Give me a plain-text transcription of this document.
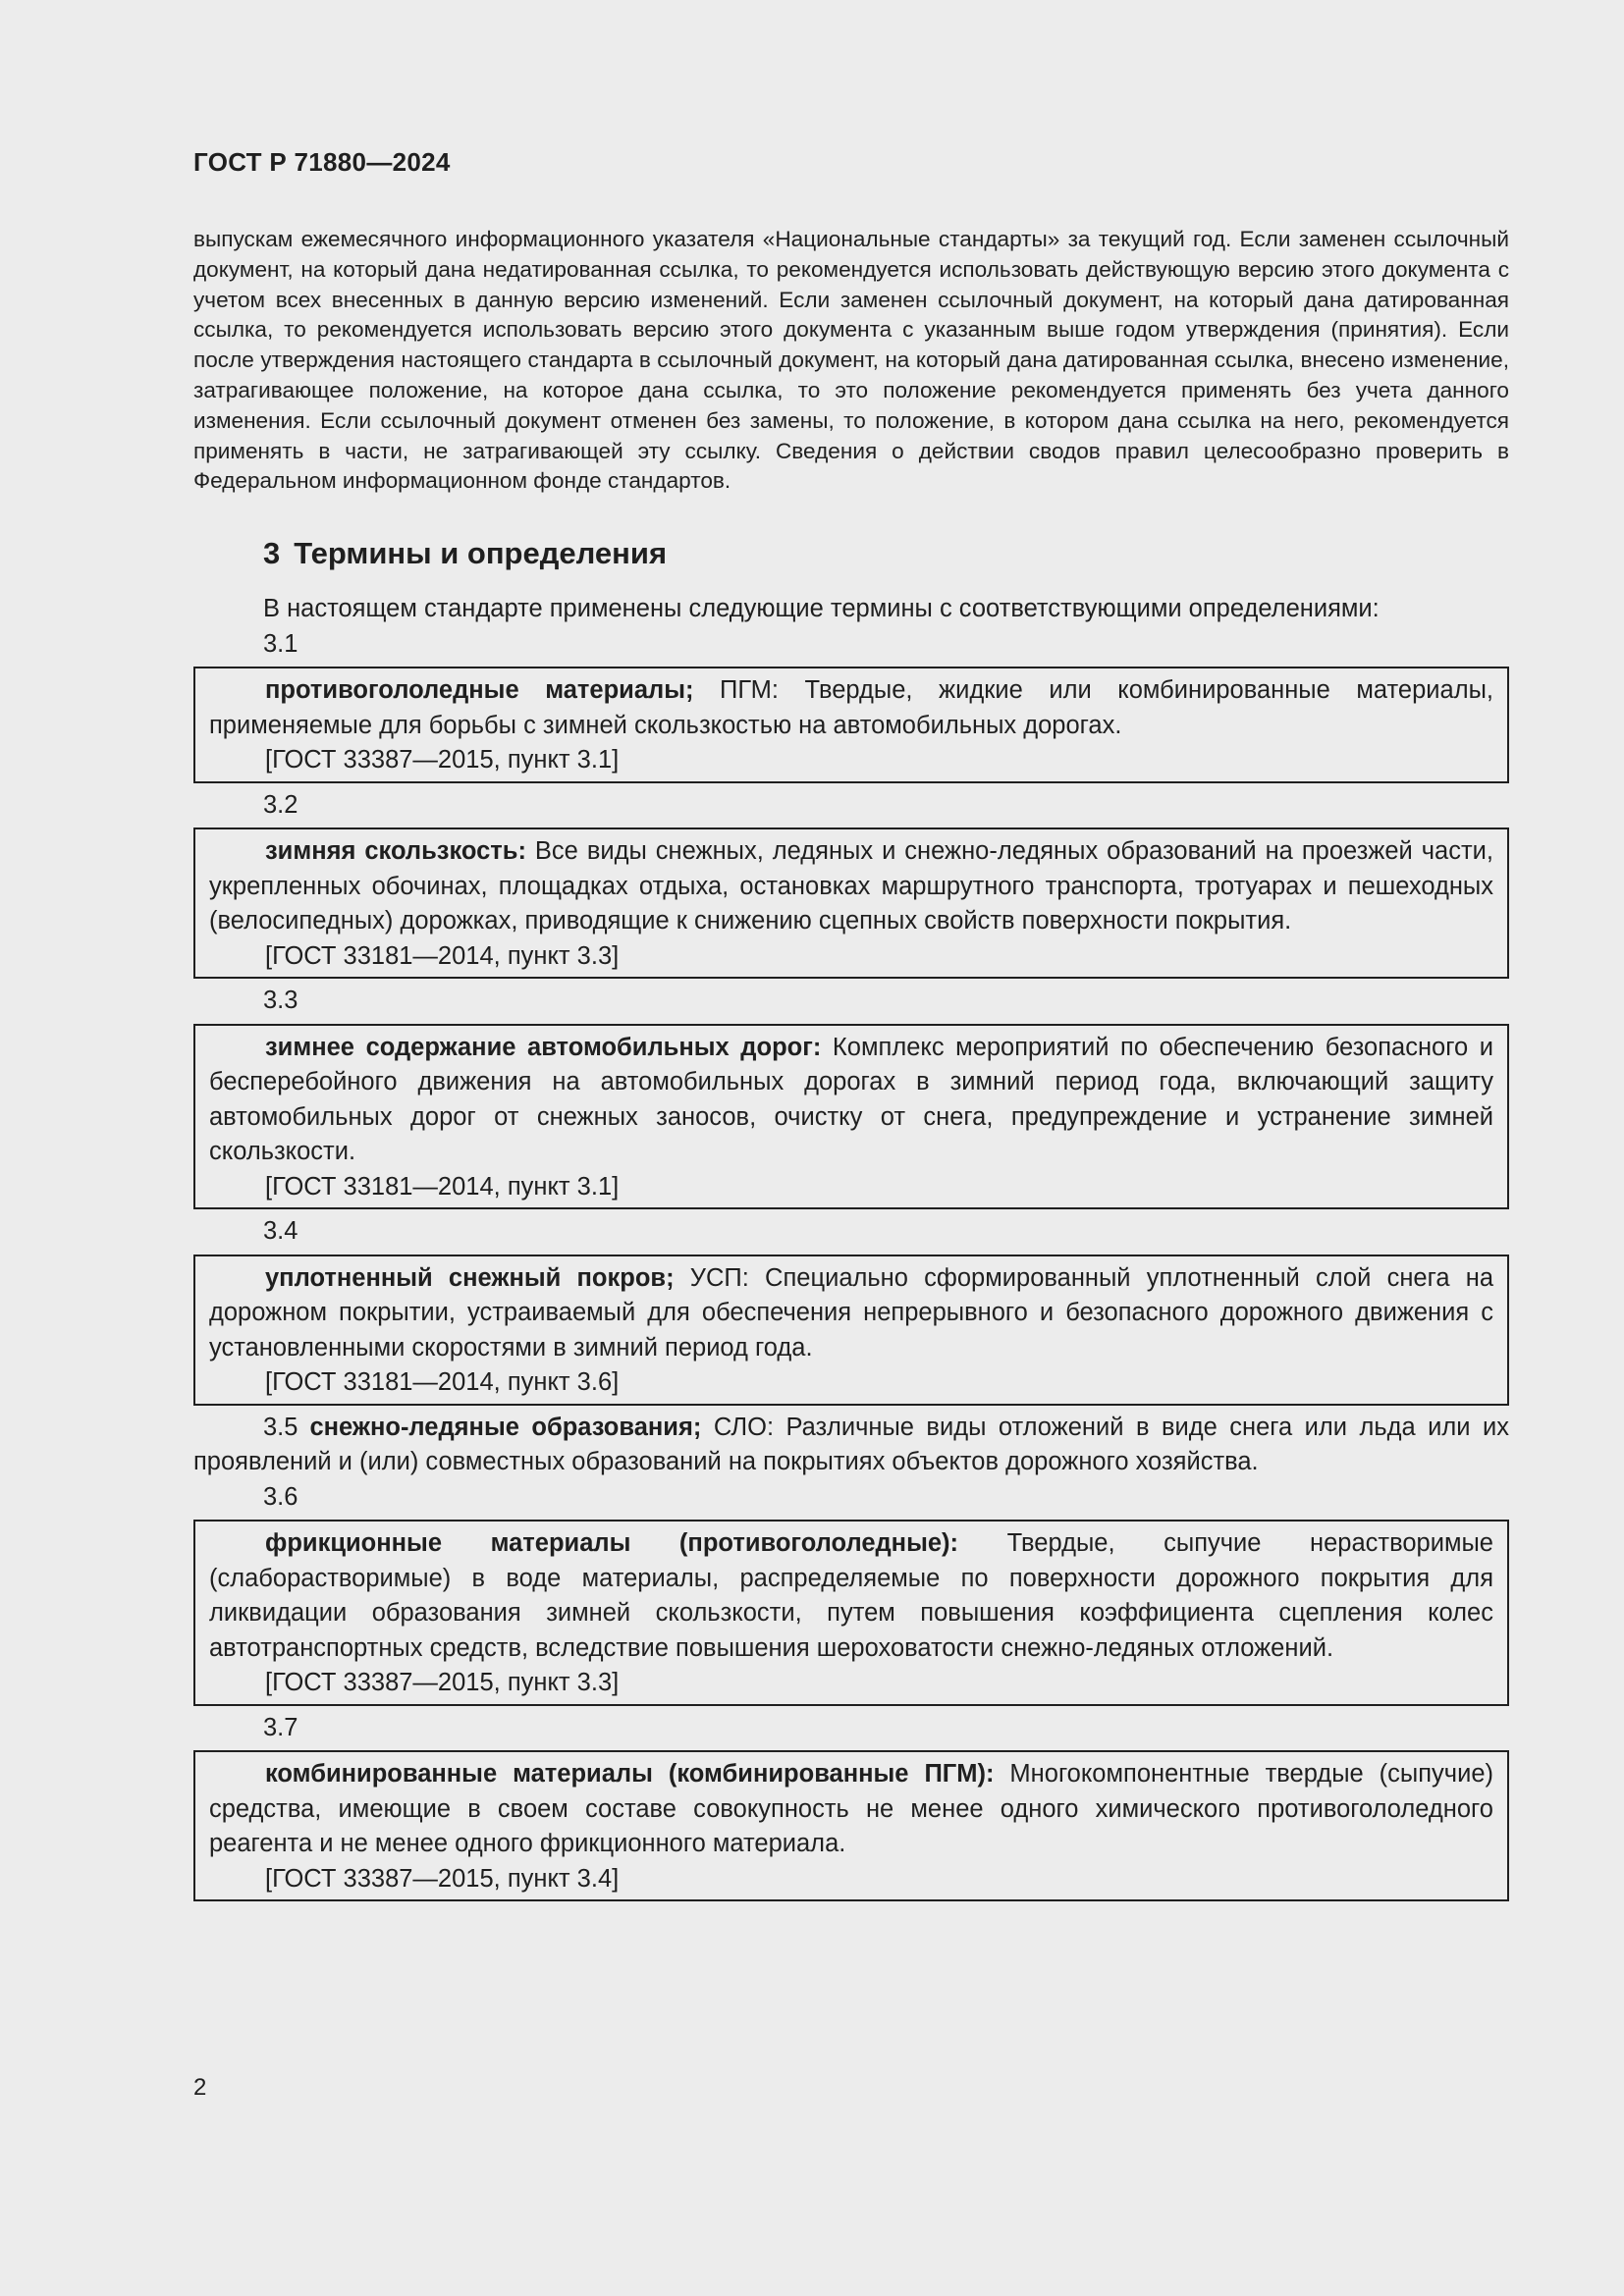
ГОСТ Р 71880—2024

выпускам ежемесячного информационного указателя «Национальные стандарты» за текущий год. Если заменен ссылочный документ, на который дана недатированная ссылка, то рекомендуется использовать действующую версию этого документа с учетом всех внесенных в данную версию изменений. Если заменен ссылочный документ, на который дана датированная ссылка, то рекомендуется использовать версию этого документа с указанным выше годом утверждения (принятия). Если после утверждения настоящего стандарта в ссылочный документ, на который дана датированная ссылка, внесено изменение, затрагивающее положение, на которое дана ссылка, то это положение рекомендуется применять без учета данного изменения. Если ссылочный документ отменен без замены, то положение, в котором дана ссылка на него, рекомендуется применять в части, не затрагивающей эту ссылку. Сведения о действии сводов правил целесообразно проверить в Федеральном информационном фонде стандартов.

3 Термины и определения

В настоящем стандарте применены следующие термины с соответствующими определениями:

3.1

противогололедные материалы; ПГМ: Твердые, жидкие или комбинированные материалы, применяемые для борьбы с зимней скользкостью на автомобильных дорогах.

[ГОСТ 33387—2015, пункт 3.1]

3.2

зимняя скользкость: Все виды снежных, ледяных и снежно-ледяных образований на проезжей части, укрепленных обочинах, площадках отдыха, остановках маршрутного транспорта, тротуарах и пешеходных (велосипедных) дорожках, приводящие к снижению сцепных свойств поверхности покрытия.

[ГОСТ 33181—2014, пункт 3.3]

3.3

зимнее содержание автомобильных дорог: Комплекс мероприятий по обеспечению безопасного и бесперебойного движения на автомобильных дорогах в зимний период года, включающий защиту автомобильных дорог от снежных заносов, очистку от снега, предупреждение и устранение зимней скользкости.

[ГОСТ 33181—2014, пункт 3.1]

3.4

уплотненный снежный покров; УСП: Специально сформированный уплотненный слой снега на дорожном покрытии, устраиваемый для обеспечения непрерывного и безопасного дорожного движения с установленными скоростями в зимний период года.

[ГОСТ 33181—2014, пункт 3.6]

3.5 снежно-ледяные образования; СЛО: Различные виды отложений в виде снега или льда или их проявлений и (или) совместных образований на покрытиях объектов дорожного хозяйства.

3.6

фрикционные материалы (противогололедные): Твердые, сыпучие нерастворимые (слаборастворимые) в воде материалы, распределяемые по поверхности дорожного покрытия для ликвидации образования зимней скользкости, путем повышения коэффициента сцепления колес автотранспортных средств, вследствие повышения шероховатости снежно-ледяных отложений.

[ГОСТ 33387—2015, пункт 3.3]

3.7

комбинированные материалы (комбинированные ПГМ): Многокомпонентные твердые (сыпучие) средства, имеющие в своем составе совокупность не менее одного химического противогололедного реагента и не менее одного фрикционного материала.

[ГОСТ 33387—2015, пункт 3.4]

2
